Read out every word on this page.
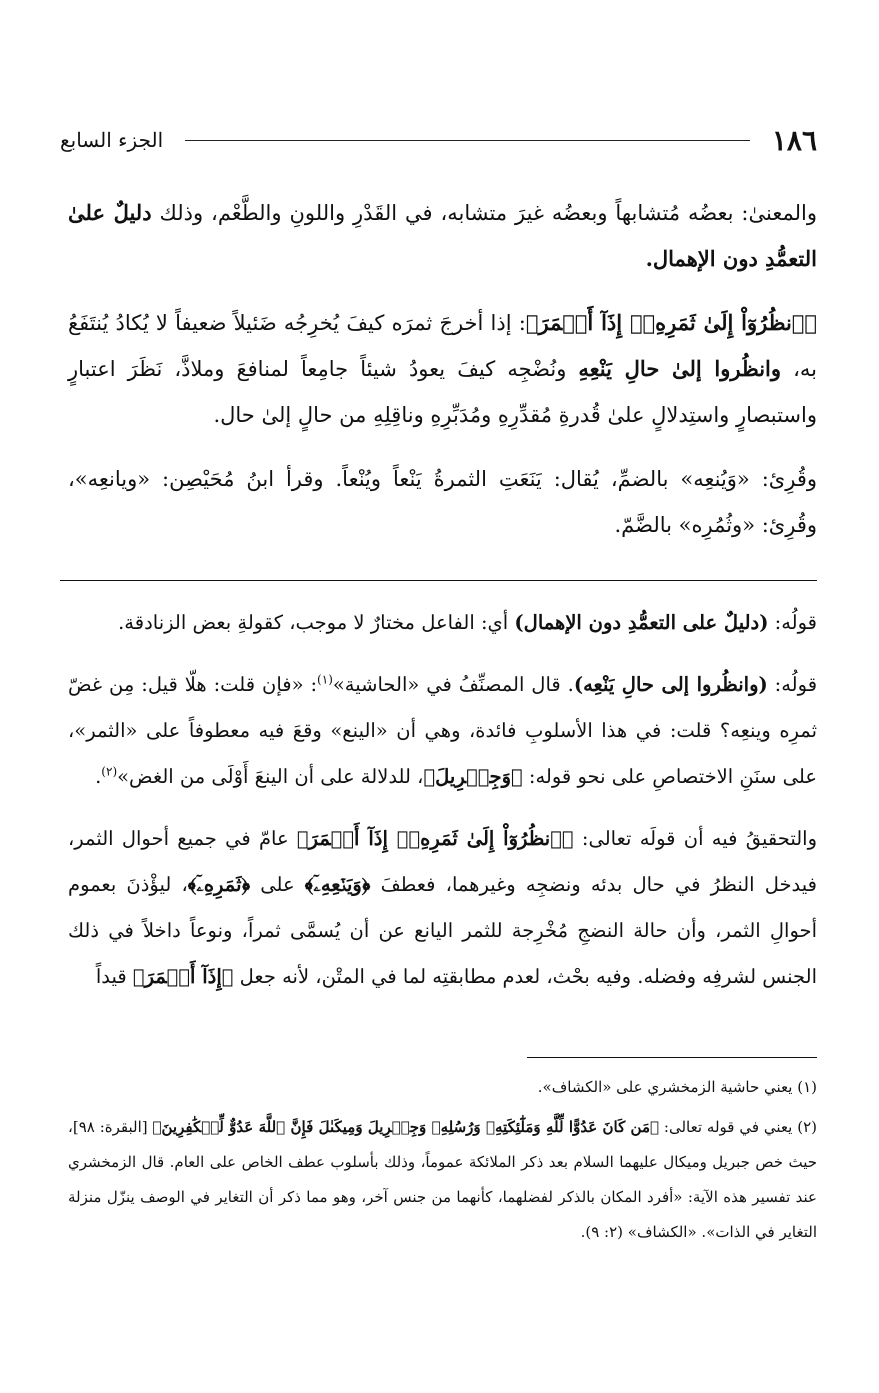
١٨٦
الجزء السابع

والمعنىٰ: بعضُه مُتشابهاً وبعضُه غيرَ متشابه، في القَدْرِ واللونِ والطَّعْم، وذلك دليلٌ علىٰ التعمُّدِ دون الإهمال.

﴿ٱنظُرُوٓاْ إِلَىٰ ثَمَرِهِۦٓ إِذَآ أَثۡمَرَ﴾: إذا أخرجَ ثمرَه كيفَ يُخرِجُه ضَئيلاً ضعيفاً لا يُكادُ يُنتَفَعُ به، وانظُروا إلىٰ حالِ يَنْعِهِ ونُضْجِه كيفَ يعودُ شيئاً جامِعاً لمنافعَ وملاذَّ، نَظَرَ اعتبارٍ واستبصارٍ واستِدلالٍ علىٰ قُدرةِ مُقدِّرِهِ ومُدَبِّرِهِ وناقِلِهِ من حالٍ إلىٰ حال.

وقُرِئ: «وَيُنعِه» بالضمِّ، يُقال: يَنَعَتِ الثمرةُ يَنْعاً ويُنْعاً. وقرأ ابنُ مُحَيْصِن: «ويانعِه»، وقُرِئ: «وثُمُرِه» بالضَّمّ.

قولُه: (دليلٌ على التعمُّدِ دون الإهمال) أي: الفاعل مختارٌ لا موجب، كقولةِ بعض الزنادقة.

قولُه: (وانظُروا إلى حالِ يَنْعِه). قال المصنِّفُ في «الحاشية»$^{(١)}$: «فإن قلت: هلّا قيل: مِن غضّ ثمرِه وينعِه؟ قلت: في هذا الأسلوبِ فائدة، وهي أن «الينع» وقعَ فيه معطوفاً على «الثمر»، على سنَنِ الاختصاصِ على نحو قوله: ﴿وَجِبۡرِيلَ﴾، للدلالة على أن الينعَ أَوْلَى من الغض»$^{(٢)}$.

والتحقيقُ فيه أن قولَه تعالى: ﴿ٱنظُرُوٓاْ إِلَىٰ ثَمَرِهِۦٓ إِذَآ أَثۡمَرَ﴾ عامّ في جميع أحوال الثمر، فيدخل النظرُ في حال بدئه ونضجِه وغيرهما، فعطفَ ﴿وَيَنۡعِهِۦٓ﴾ على ﴿ثَمَرِهِۦٓ﴾، ليؤْذنَ بعموم أحوالِ الثمر، وأن حالة النضجِ مُخْرِجة للثمر اليانع عن أن يُسمَّى ثمراً، ونوعاً داخلاً في ذلك الجنس لشرفِه وفضله. وفيه بحْث، لعدم مطابقتِه لما في المتْن، لأنه جعل ﴿إِذَآ أَثۡمَرَ﴾ قيداً

(١) يعني حاشية الزمخشري على «الكشاف».

(٢) يعني في قوله تعالى: ﴿مَن كَانَ عَدُوًّا لِّلَّهِ وَمَلَٰٓئِكَتِهِۦ وَرُسُلِهِۦ وَجِبۡرِيلَ وَمِيكَىٰلَ فَإِنَّ ٱللَّهَ عَدُوٌّ لِّلۡكَٰفِرِينَ﴾ [البقرة: ٩٨]، حيث خص جبريل وميكال عليهما السلام بعد ذكر الملائكة عموماً، وذلك بأسلوب عطف الخاص على العام. قال الزمخشري عند تفسير هذه الآية: «أفرد المكان بالذكر لفضلهما، كأنهما من جنس آخر، وهو مما ذكر أن التغاير في الوصف ينزّل منزلة التغاير في الذات». «الكشاف» (٢: ٩).
